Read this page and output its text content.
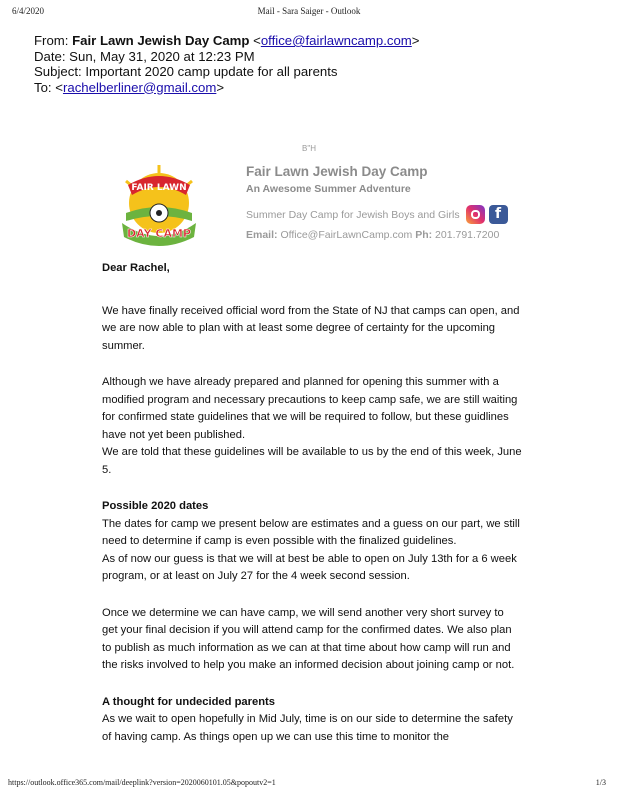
6/4/2020	Mail - Sara Saiger - Outlook
From: Fair Lawn Jewish Day Camp <office@fairlawncamp.com>
Date: Sun, May 31, 2020 at 12:23 PM
Subject: Important 2020 camp update for all parents
To: <rachelberliner@gmail.com>
B"H
FAIR LAWN
DAY CAMP
Fair Lawn Jewish Day Camp
An Awesome Summer Adventure
Summer Day Camp for Jewish Boys and Girls	f
Email: Office@FairLawnCamp.com Ph: 201.791.7200

Dear Rachel,

We have finally received official word from the State of NJ that camps can open, and we are now able to plan with at least some degree of certainty for the upcoming summer.

Although we have already prepared and planned for opening this summer with a modified program and necessary precautions to keep camp safe, we are still waiting for confirmed state guidelines that we will be required to follow, but these guidlines have not yet been published.

We are told that these guidelines will be available to us by the end of this week, June 5.

Possible 2020 dates

The dates for camp we present below are estimates and a guess on our part, we still need to determine if camp is even possible with the finalized guidelines.

As of now our guess is that we will at best be able to open on July 13th for a 6 week program, or at least on July 27 for the 4 week second session.

Once we determine we can have camp, we will send another very short survey to get your final decision if you will attend camp for the confirmed dates. We also plan to publish as much information as we can at that time about how camp will run and the risks involved to help you make an informed decision about joining camp or not.

A thought for undecided parents

As we wait to open hopefully in Mid July, time is on our side to determine the safety of having camp. As things open up we can use this time to monitor the

https://outlook.office365.com/mail/deeplink?version=2020060101.05&popoutv2=1	1/3
